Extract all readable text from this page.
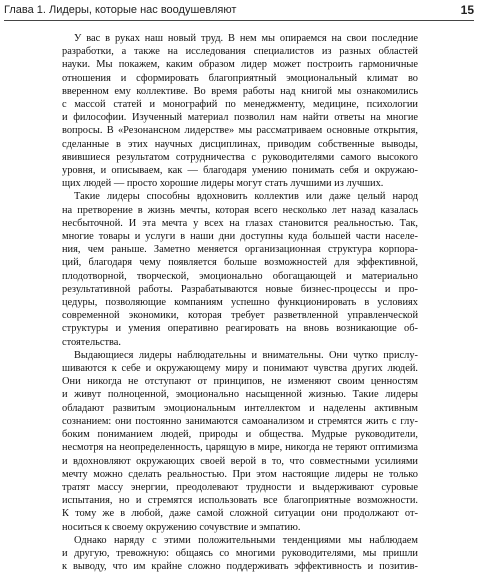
Глава 1. Лидеры, которые нас воодушевляют	15
У вас в руках наш новый труд. В нем мы опираемся на свои последние
разработки, а также на исследования специалистов из разных областей
науки. Мы покажем, каким образом лидер может построить гармоничные
отношения и сформировать благоприятный эмоциональный климат во
вверенном ему коллективе. Во время работы над книгой мы ознакомились
с массой статей и монографий по менеджменту, медицине, психологии
и философии. Изученный материал позволил нам найти ответы на многие
вопросы. В «Резонансном лидерстве» мы рассматриваем основные открытия,
сделанные в этих научных дисциплинах, приводим собственные выводы,
явившиеся результатом сотрудничества с руководителями самого высокого
уровня, и описываем, как — благодаря умению понимать себя и окружаю-
щих людей — просто хорошие лидеры могут стать лучшими из лучших.
Такие лидеры способны вдохновить коллектив или даже целый народ
на претворение в жизнь мечты, которая всего несколько лет назад казалась
несбыточной. И эта мечта у всех на глазах становится реальностью. Так,
многие товары и услуги в наши дни доступны куда большей части населе-
ния, чем раньше. Заметно меняется организационная структура корпора-
ций, благодаря чему появляется больше возможностей для эффективной,
плодотворной, творческой, эмоционально обогащающей и материально
результативной работы. Разрабатываются новые бизнес-процессы и про-
цедуры, позволяющие компаниям успешно функционировать в условиях
современной экономики, которая требует разветвленной управленческой
структуры и умения оперативно реагировать на вновь возникающие об-
стоятельства.
Выдающиеся лидеры наблюдательны и внимательны. Они чутко прислу-
шиваются к себе и окружающему миру и понимают чувства других людей.
Они никогда не отступают от принципов, не изменяют своим ценностям
и живут полноценной, эмоционально насыщенной жизнью. Такие лидеры
обладают развитым эмоциональным интеллектом и наделены активным
сознанием: они постоянно занимаются самоанализом и стремятся жить с глу-
боким пониманием людей, природы и общества. Мудрые руководители,
несмотря на неопределенность, царящую в мире, никогда не теряют оптимизма
и вдохновляют окружающих своей верой в то, что совместными усилиями
мечту можно сделать реальностью. При этом настоящие лидеры не только
тратят массу энергии, преодолевают трудности и выдерживают суровые
испытания, но и стремятся использовать все благоприятные возможности.
К тому же в любой, даже самой сложной ситуации они продолжают от-
носиться к своему окружению сочувствие и эмпатию.
Однако наряду с этими положительными тенденциями мы наблюдаем
и другую, тревожную: общаясь со многими руководителями, мы пришли
к выводу, что им крайне сложно поддерживать эффективность и позитив-
